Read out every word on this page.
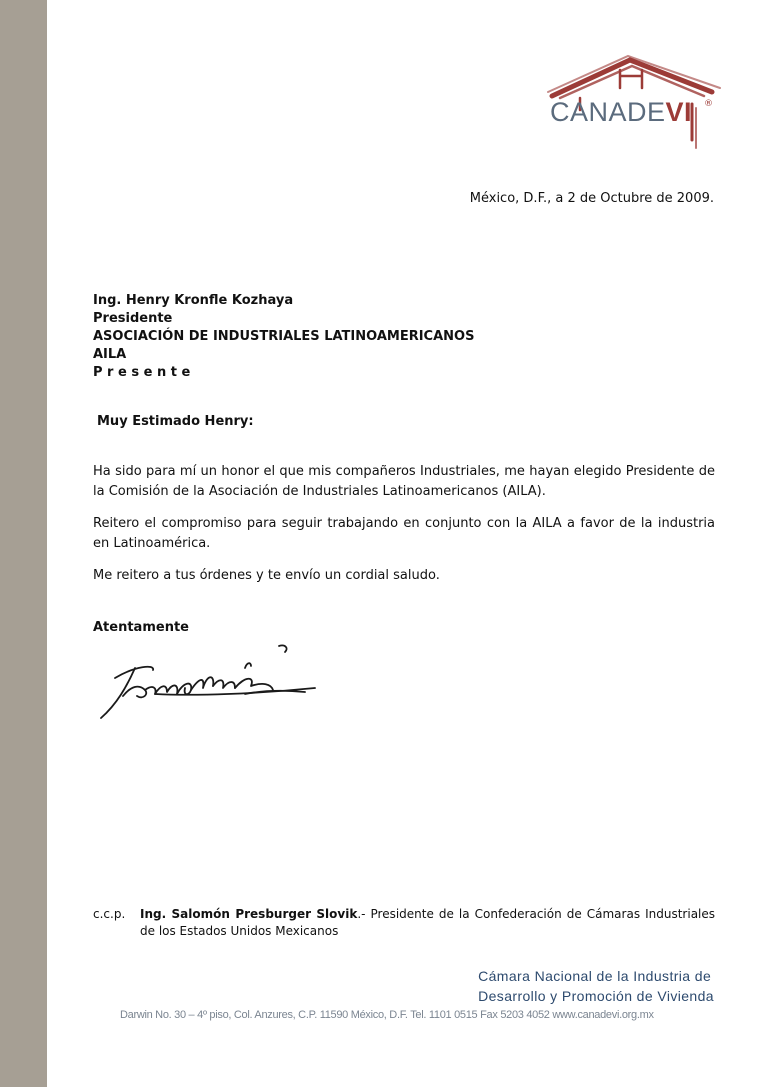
CANADEVI ®
México, D.F., a 2 de Octubre de 2009.
Ing. Henry Kronfle Kozhaya
Presidente
ASOCIACIÓN DE INDUSTRIALES LATINOAMERICANOS
AILA
P r e s e n t e
Muy Estimado Henry:
Ha sido para mí un honor el que mis compañeros Industriales, me hayan elegido Presidente de la Comisión de la Asociación de Industriales Latinoamericanos (AILA).
Reitero el compromiso para seguir trabajando en conjunto con la AILA a favor de la industria en Latinoamérica.
Me reitero a tus órdenes y te envío un cordial saludo.
Atentamente
c.c.p. Ing. Salomón Presburger Slovik.- Presidente de la Confederación de Cámaras Industriales de los Estados Unidos Mexicanos
Cámara Nacional de la Industria de
Desarrollo y Promoción de Vivienda
Darwin No. 30 – 4º piso, Col. Anzures, C.P. 11590 México, D.F. Tel. 1101 0515 Fax 5203 4052 www.canadevi.org.mx
